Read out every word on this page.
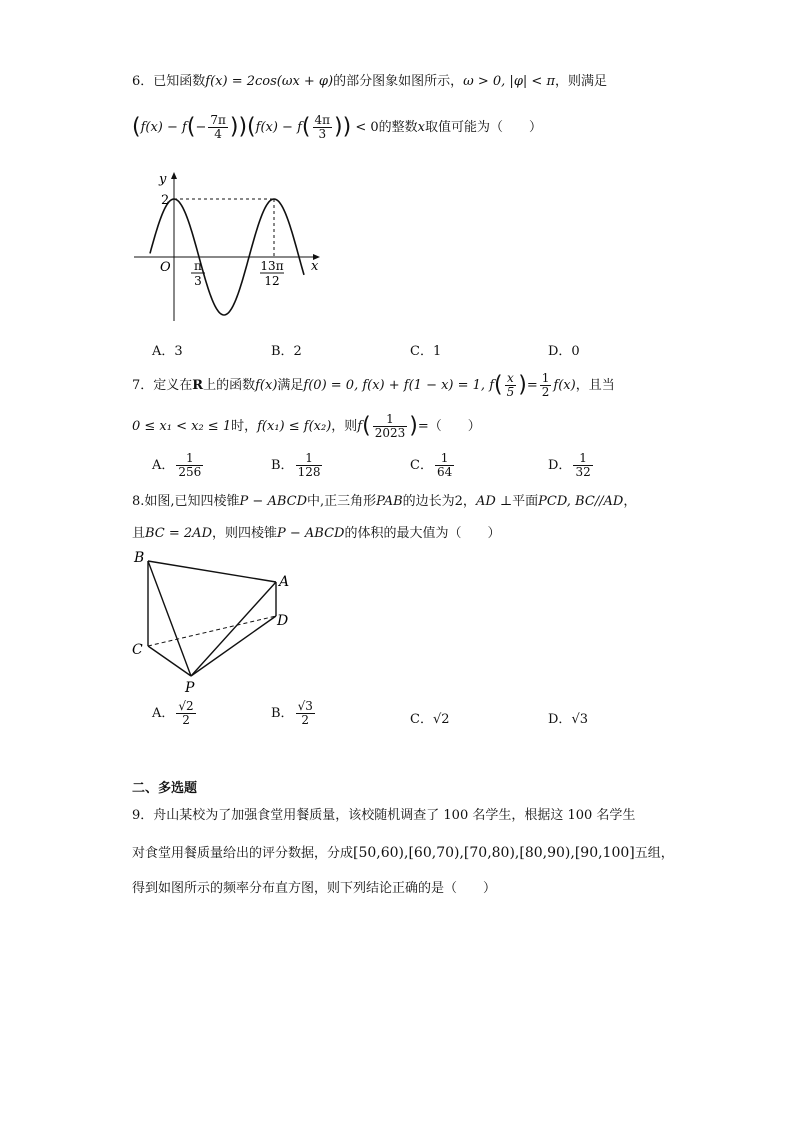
6．已知函数f(x) = 2cos(ωx + φ)的部分图象如图所示，ω > 0, |φ| < π，则满足
$(f(x) - f(- \frac{7\pi}{4} ))(f(x) - f( \frac{4\pi}{3}$ )) < 0的整数x取值可能为（　　）
y
2
O	x
π
3
13π
12
A．3	B．2	C．1	D．0
7．定义在R上的函数f(x)满足f(0) = 0, f(x) + f(1 − x) = 1, $f( \frac{x}{5}$ )= $\frac{1}{2} f(x)$，且当
0 ≤ x₁ < x₂ ≤ 1时，f(x₁) ≤ f(x₂)，则$f( \frac{1}{2023}$ )=（　　）
A． $\frac{1}{256}$	B． $\frac{1}{128}$	C． $\frac{1}{64}$	D． $\frac{1}{32}$
8.如图,已知四棱锥P − ABCD中,正三角形PAB的边长为2，AD ⊥平面PCD, BC//AD，
且BC = 2AD，则四棱锥P − ABCD的体积的最大值为（　　）
B
A
D
C
P
A． $\frac{√2}{2}$	B． $\frac{√3}{2}$	C．√2	D．√3
二、多选题
9．舟山某校为了加强食堂用餐质量，该校随机调查了 100 名学生，根据这 100 名学生
对食堂用餐质量给出的评分数据，分成[50,60),[60,70),[70,80),[80,90),[90,100]五组，
得到如图所示的频率分布直方图，则下列结论正确的是（　　）
